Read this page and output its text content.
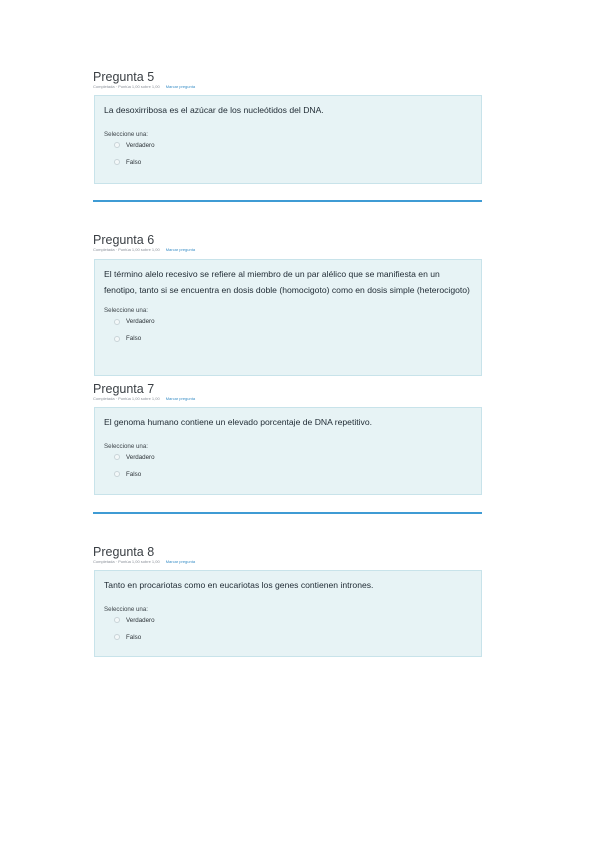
Pregunta 5
Completada · Puntúa 1,00 sobre 1,00 Marcar pregunta
La desoxirribosa es el azúcar de los nucleótidos del DNA.
Seleccione una:
Verdadero
Falso
Pregunta 6
Completada · Puntúa 1,00 sobre 1,00 Marcar pregunta
El término alelo recesivo se refiere al miembro de un par alélico que se manifiesta en un fenotipo, tanto si se encuentra en dosis doble (homocigoto) como en dosis simple (heterocigoto)
Seleccione una:
Verdadero
Falso
Pregunta 7
Completada · Puntúa 1,00 sobre 1,00 Marcar pregunta
El genoma humano contiene un elevado porcentaje de DNA repetitivo.
Seleccione una:
Verdadero
Falso
Pregunta 8
Completada · Puntúa 1,00 sobre 1,00 Marcar pregunta
Tanto en procariotas como en eucariotas los genes contienen intrones.
Seleccione una:
Verdadero
Falso
